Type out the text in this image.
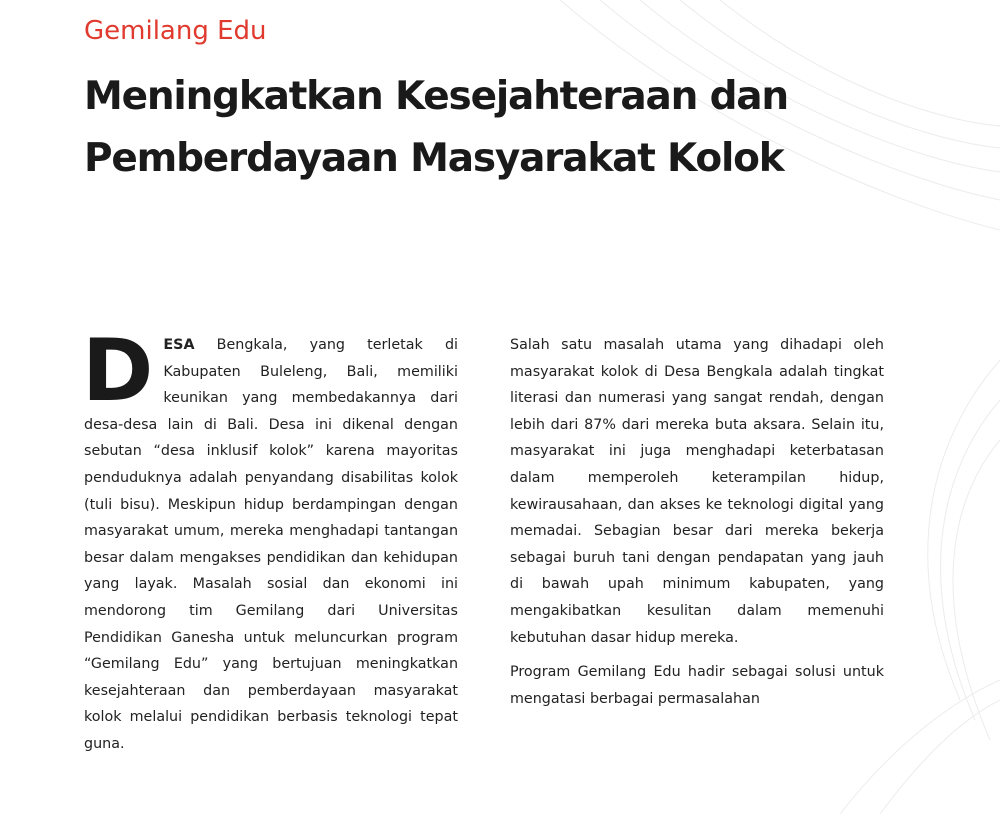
Gemilang Edu
Meningkatkan Kesejahteraan dan Pemberdayaan Masyarakat Kolok

DESA Bengkala, yang terletak di Kabupaten Buleleng, Bali, memiliki keunikan yang membedakannya dari desa-desa lain di Bali. Desa ini dikenal dengan sebutan “desa inklusif kolok” karena mayoritas penduduknya adalah penyandang disabilitas kolok (tuli bisu). Meskipun hidup berdampingan dengan masyarakat umum, mereka menghadapi tantangan besar dalam mengakses pendidikan dan kehidupan yang layak. Masalah sosial dan ekonomi ini mendorong tim Gemilang dari Universitas Pendidikan Ganesha untuk meluncurkan program “Gemilang Edu” yang bertujuan meningkatkan kesejahteraan dan pemberdayaan masyarakat kolok melalui pendidikan berbasis teknologi tepat guna.

Salah satu masalah utama yang dihadapi oleh masyarakat kolok di Desa Bengkala adalah tingkat literasi dan numerasi yang sangat rendah, dengan lebih dari 87% dari mereka buta aksara. Selain itu, masyarakat ini juga menghadapi keterbatasan dalam memperoleh keterampilan hidup, kewirausahaan, dan akses ke teknologi digital yang memadai. Sebagian besar dari mereka bekerja sebagai buruh tani dengan pendapatan yang jauh di bawah upah minimum kabupaten, yang mengakibatkan kesulitan dalam memenuhi kebutuhan dasar hidup mereka.

Program Gemilang Edu hadir sebagai solusi untuk mengatasi berbagai permasalahan
